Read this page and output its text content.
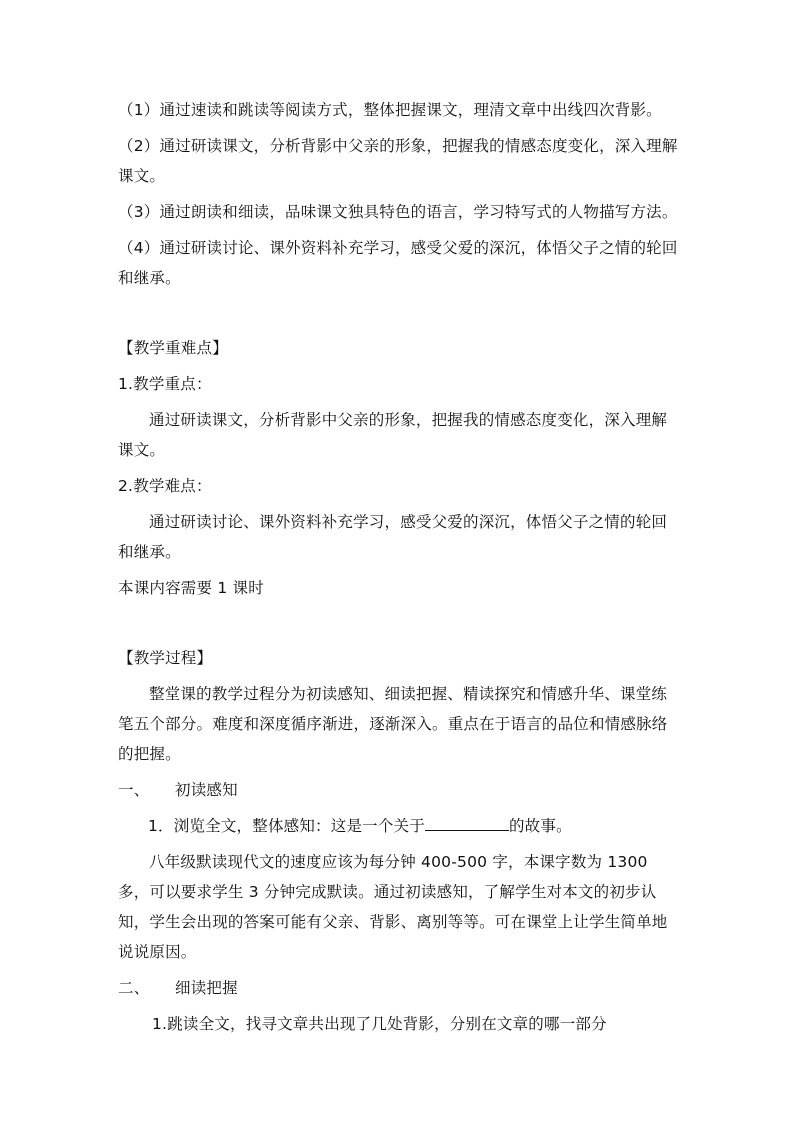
（1）通过速读和跳读等阅读方式，整体把握课文，理清文章中出线四次背影。

（2）通过研读课文，分析背影中父亲的形象，把握我的情感态度变化，深入理解课文。

（3）通过朗读和细读，品味课文独具特色的语言，学习特写式的人物描写方法。

（4）通过研读讨论、课外资料补充学习，感受父爱的深沉，体悟父子之情的轮回和继承。

【教学重难点】

1.教学重点：

通过研读课文，分析背影中父亲的形象，把握我的情感态度变化，深入理解课文。

2.教学难点：

通过研读讨论、课外资料补充学习，感受父爱的深沉，体悟父子之情的轮回和继承。

本课内容需要 1 课时

【教学过程】

整堂课的教学过程分为初读感知、细读把握、精读探究和情感升华、课堂练笔五个部分。难度和深度循序渐进，逐渐深入。重点在于语言的品位和情感脉络的把握。

一、 初读感知

1．浏览全文，整体感知：这是一个关于	的故事。

八年级默读现代文的速度应该为每分钟 400-500 字，本课字数为 1300 多，可以要求学生 3 分钟完成默读。通过初读感知，了解学生对本文的初步认知，学生会出现的答案可能有父亲、背影、离别等等。可在课堂上让学生简单地说说原因。

二、 细读把握

1.跳读全文，找寻文章共出现了几处背影，分别在文章的哪一部分
